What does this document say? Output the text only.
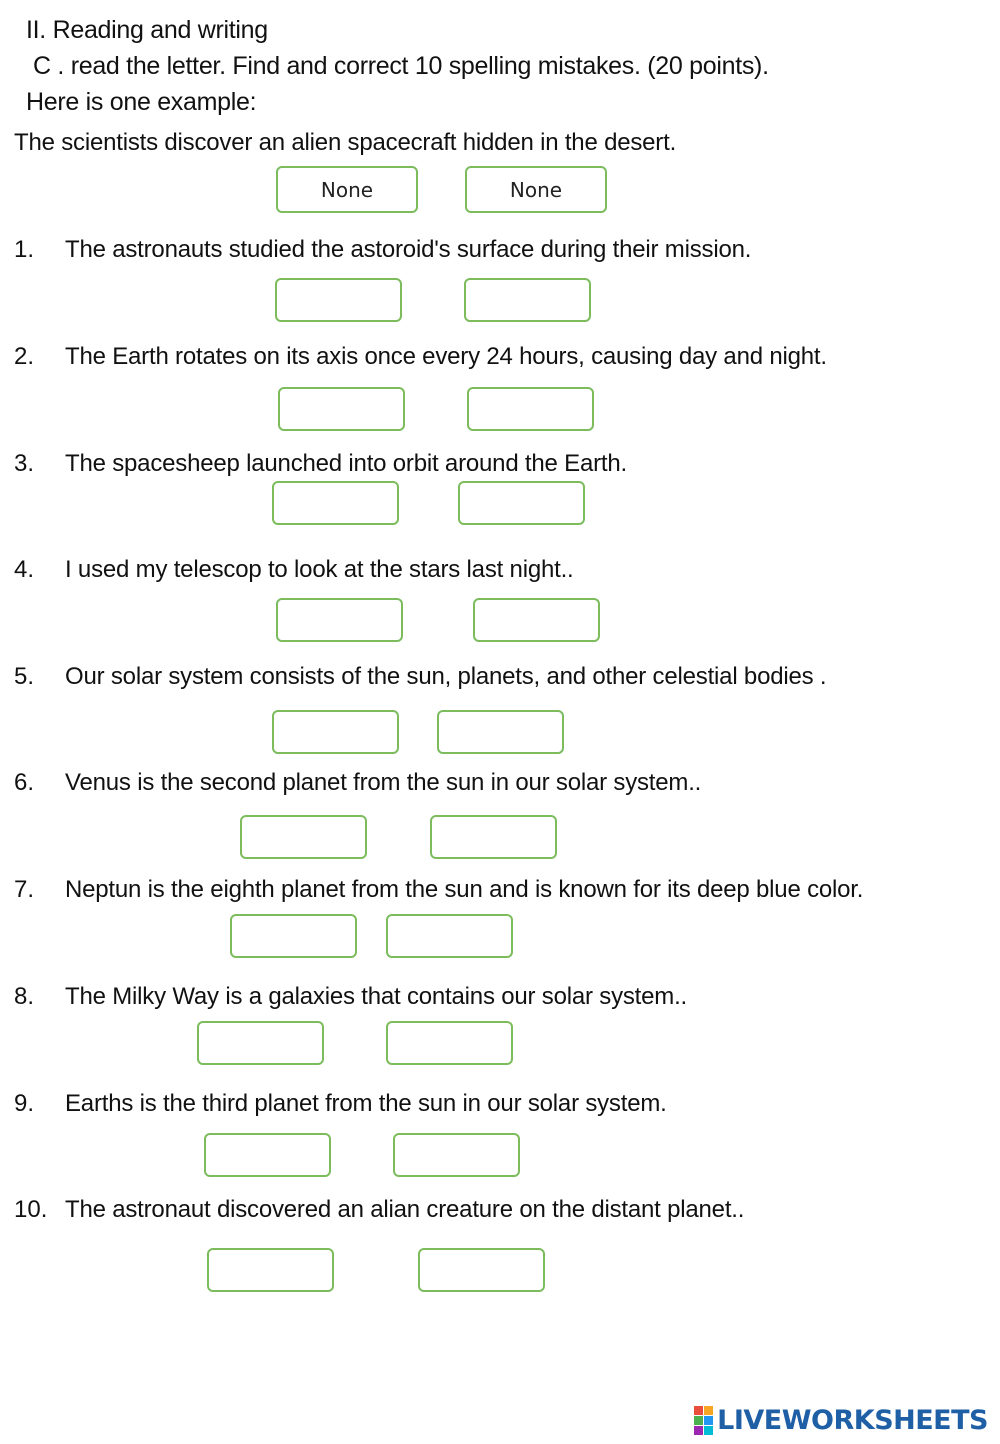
II. Reading and writing
C . read the letter. Find and correct 10 spelling mistakes. (20 points).
Here is one example:
The scientists discover an alien spacecraft hidden in the desert.
None	None
1. The astronauts studied the astoroid's surface during their mission.
2. The Earth rotates on its axis once every 24 hours, causing day and night.
3. The spacesheep launched into orbit around the Earth.
4. I used my telescop to look at the stars last night..
5. Our solar system consists of the sun, planets, and other celestial bodies .
6. Venus is the second planet from the sun in our solar system..
7. Neptun is the eighth planet from the sun and is known for its deep blue color.
8. The Milky Way is a galaxies that contains our solar system..
9. Earths is the third planet from the sun in our solar system.
10. The astronaut discovered an alian creature on the distant planet..
LIVEWORKSHEETS
